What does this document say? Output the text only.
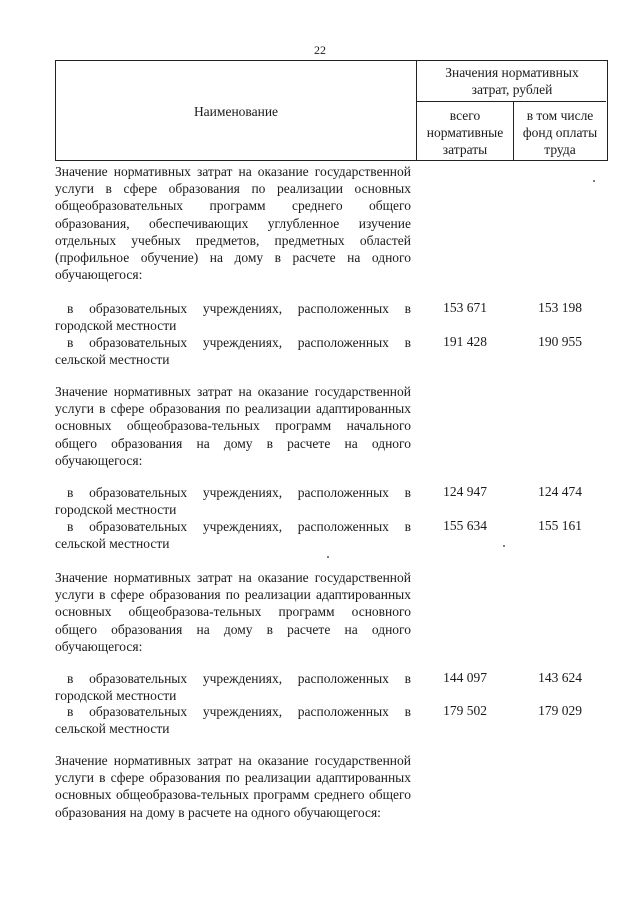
22
Наименование
Значения нормативных затрат, рублей
всего нормативные затраты
в том числе фонд оплаты труда
Значение нормативных затрат на оказание государственной услуги в сфере образования по реализации основных общеобразовательных программ среднего общего образования, обеспечивающих углубленное изучение отдельных учебных предметов, предметных областей (профильное обучение) на дому в расчете на одного обучающегося:
в образовательных учреждениях, расположенных в городской местности
153 671	153 198
в образовательных учреждениях, расположенных в сельской местности
191 428	190 955
Значение нормативных затрат на оказание государственной услуги в сфере образования по реализации адаптированных основных общеобразова-тельных программ начального общего образования на дому в расчете на одного обучающегося:
в образовательных учреждениях, расположенных в городской местности
124 947	124 474
в образовательных учреждениях, расположенных в сельской местности
155 634	155 161
Значение нормативных затрат на оказание государственной услуги в сфере образования по реализации адаптированных основных общеобразова-тельных программ основного общего образования на дому в расчете на одного обучающегося:
в образовательных учреждениях, расположенных в городской местности
144 097	143 624
в образовательных учреждениях, расположенных в сельской местности
179 502	179 029
Значение нормативных затрат на оказание государственной услуги в сфере образования по реализации адаптированных основных общеобразова-тельных программ среднего общего образования на дому в расчете на одного обучающегося:
